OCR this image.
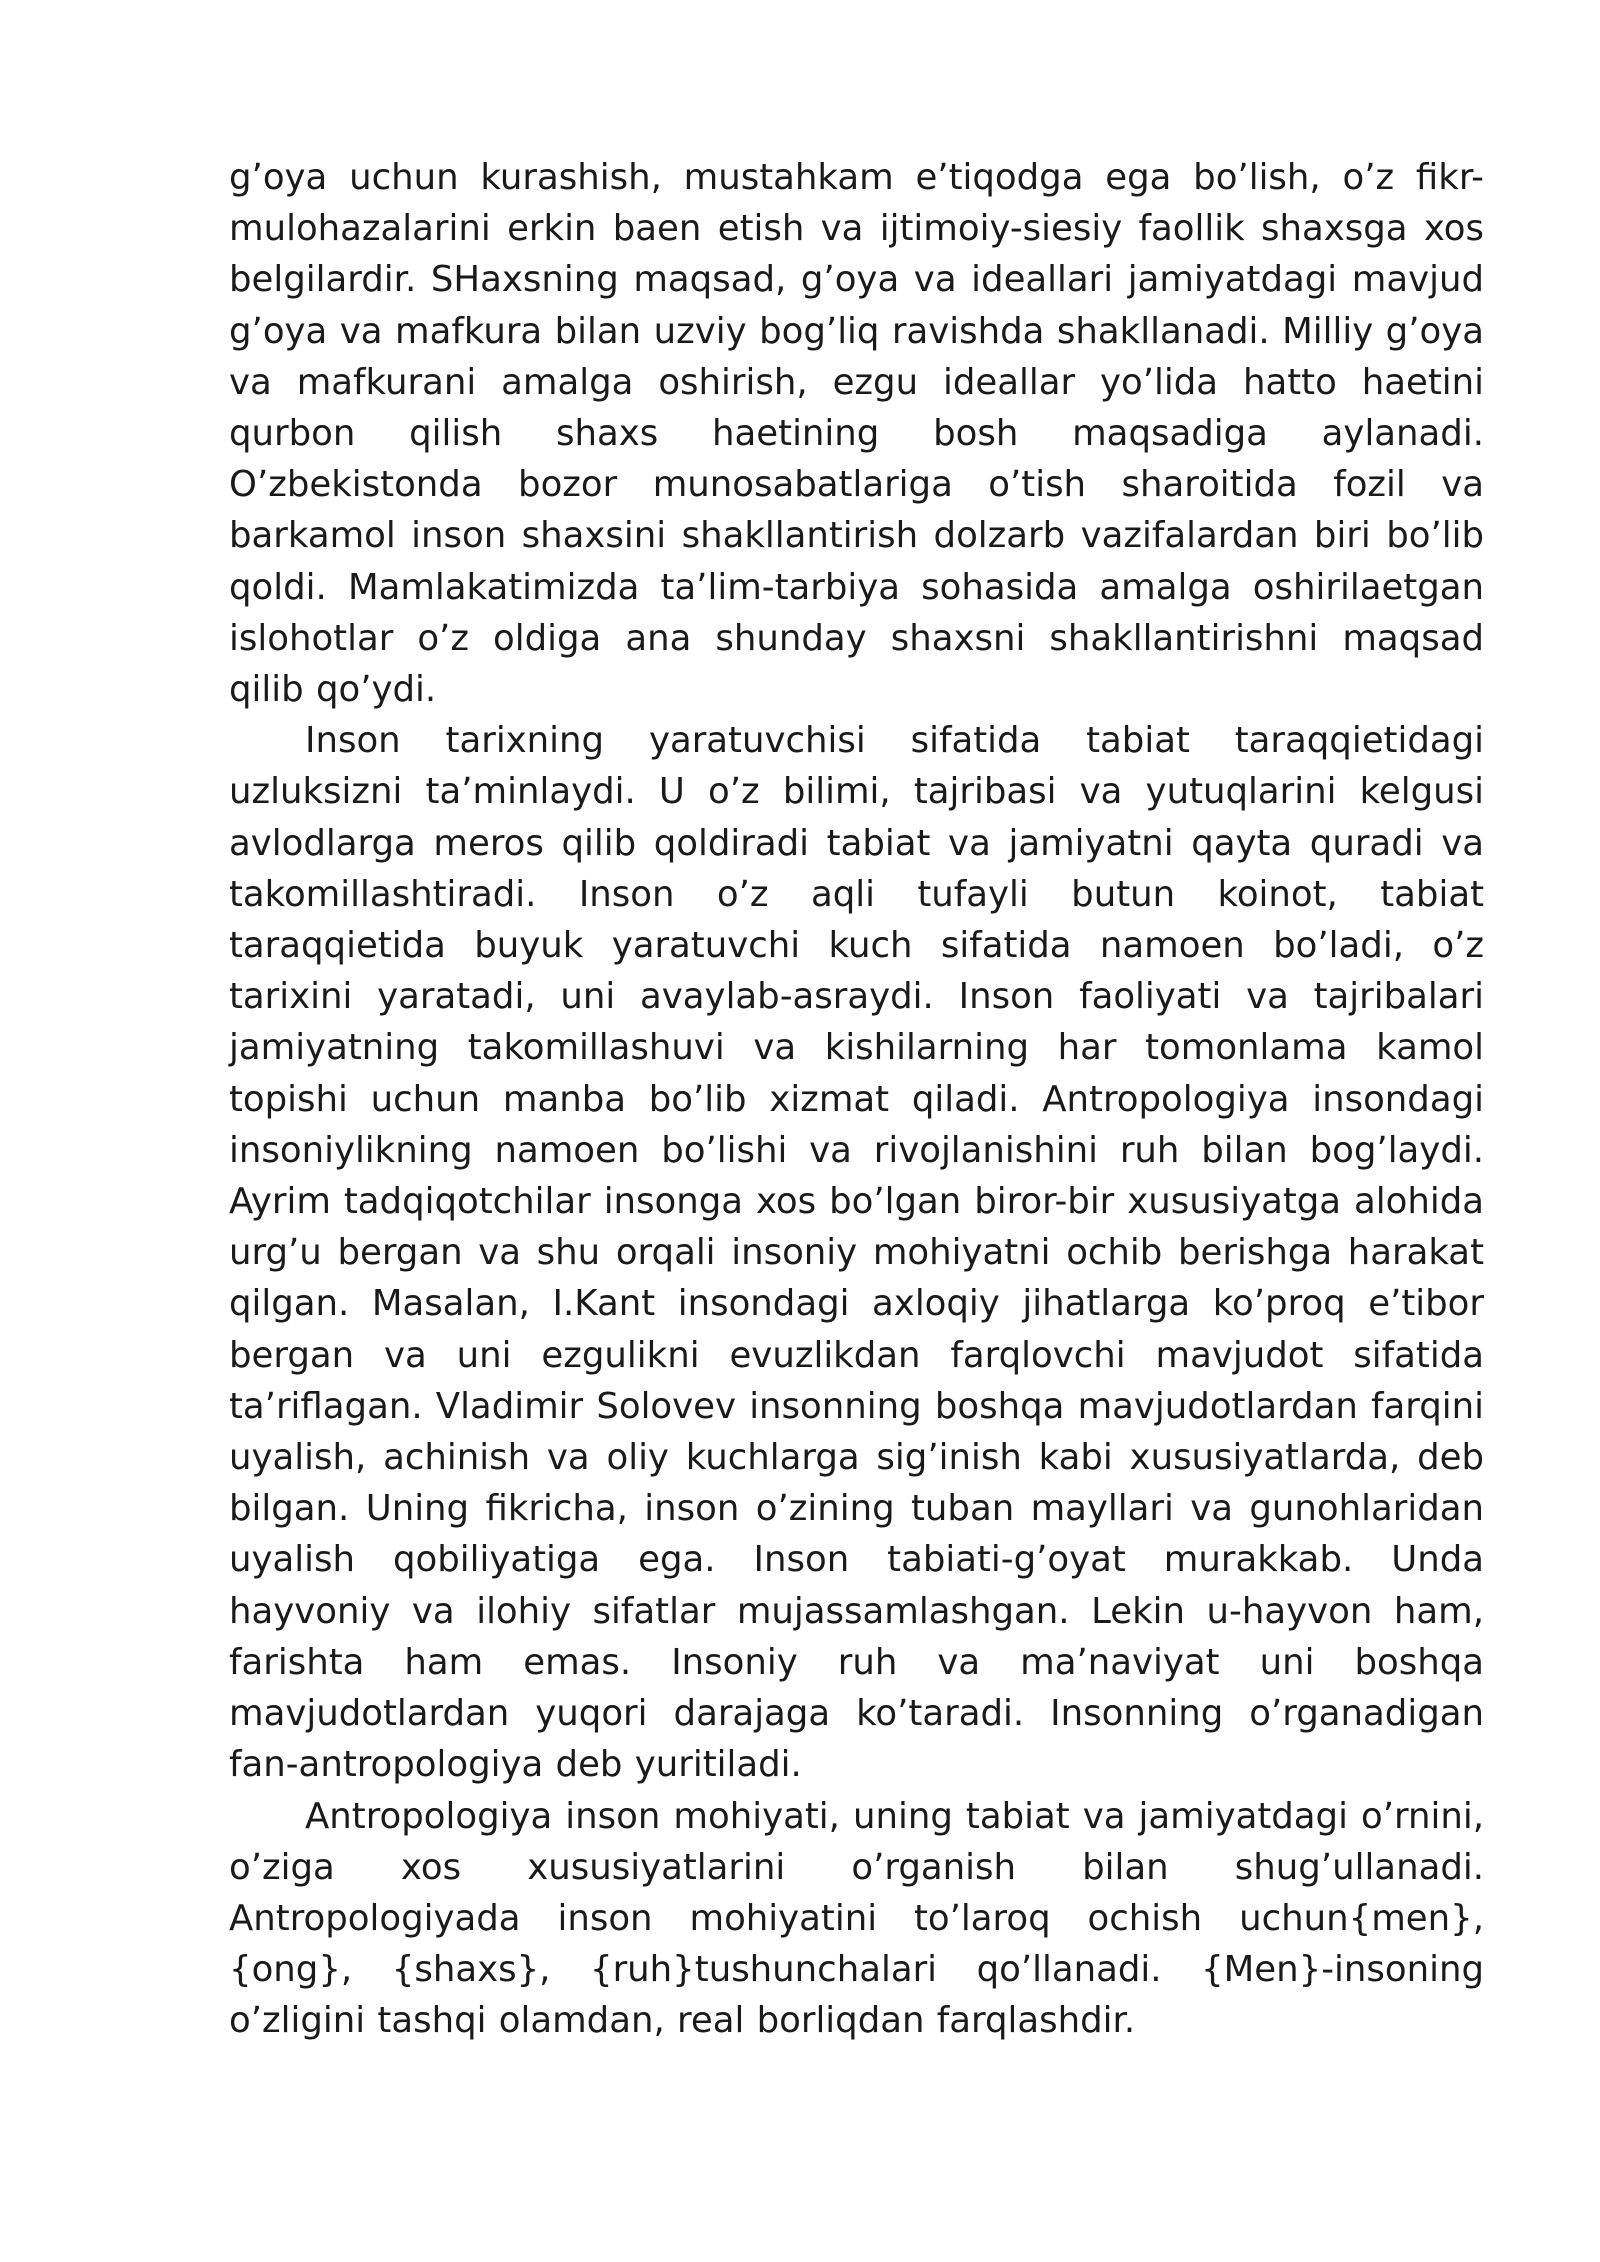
g’oya uchun kurashish, mustahkam e’tiqodga ega bo’lish, o’z fikr-mulohazalarini erkin baen etish va ijtimoiy-siesiy faollik shaxsga xos belgilardir. SHaxsning maqsad, g’oya va ideallari jamiyatdagi mavjud g’oya va mafkura bilan uzviy bog’liq ravishda shakllanadi. Milliy g’oya va mafkurani amalga oshirish, ezgu ideallar yo’lida hatto haetini qurbon qilish shaxs haetining bosh maqsadiga aylanadi. O’zbekistonda bozor munosabatlariga o’tish sharoitida fozil va barkamol inson shaxsini shakllantirish dolzarb vazifalardan biri bo’lib qoldi. Mamlakatimizda ta’lim-tarbiya sohasida amalga oshirilaetgan islohotlar o’z oldiga ana shunday shaxsni shakllantirishni maqsad qilib qo’ydi.

Inson tarixning yaratuvchisi sifatida tabiat taraqqietidagi uzluksizni ta’minlaydi. U o’z bilimi, tajribasi va yutuqlarini kelgusi avlodlarga meros qilib qoldiradi tabiat va jamiyatni qayta quradi va takomillashtiradi. Inson o’z aqli tufayli butun koinot, tabiat taraqqietida buyuk yaratuvchi kuch sifatida namoen bo’ladi, o’z tarixini yaratadi, uni avaylab-asraydi. Inson faoliyati va tajribalari jamiyatning takomillashuvi va kishilarning har tomonlama kamol topishi uchun manba bo’lib xizmat qiladi. Antropologiya insondagi insoniylikning namoen bo’lishi va rivojlanishini ruh bilan bog’laydi. Ayrim tadqiqotchilar insonga xos bo’lgan biror-bir xususiyatga alohida urg’u bergan va shu orqali insoniy mohiyatni ochib berishga harakat qilgan. Masalan, I.Kant insondagi axloqiy jihatlarga ko’proq e’tibor bergan va uni ezgulikni evuzlikdan farqlovchi mavjudot sifatida ta’riflagan. Vladimir Solovev insonning boshqa mavjudotlardan farqini uyalish, achinish va oliy kuchlarga sig’inish kabi xususiyatlarda, deb bilgan. Uning fikricha, inson o’zining tuban mayllari va gunohlaridan uyalish qobiliyatiga ega. Inson tabiati-g’oyat murakkab. Unda hayvoniy va ilohiy sifatlar mujassamlashgan. Lekin u-hayvon ham, farishta ham emas. Insoniy ruh va ma’naviyat uni boshqa mavjudotlardan yuqori darajaga ko’taradi. Insonning o’rganadigan fan-antropologiya deb yuritiladi.

Antropologiya inson mohiyati, uning tabiat va jamiyatdagi o’rnini, o’ziga xos xususiyatlarini o’rganish bilan shug’ullanadi. Antropologiyada inson mohiyatini to’laroq ochish uchun{men}, {ong}, {shaxs}, {ruh}tushunchalari qo’llanadi. {Men}-insoning o’zligini tashqi olamdan, real borliqdan farqlashdir.
